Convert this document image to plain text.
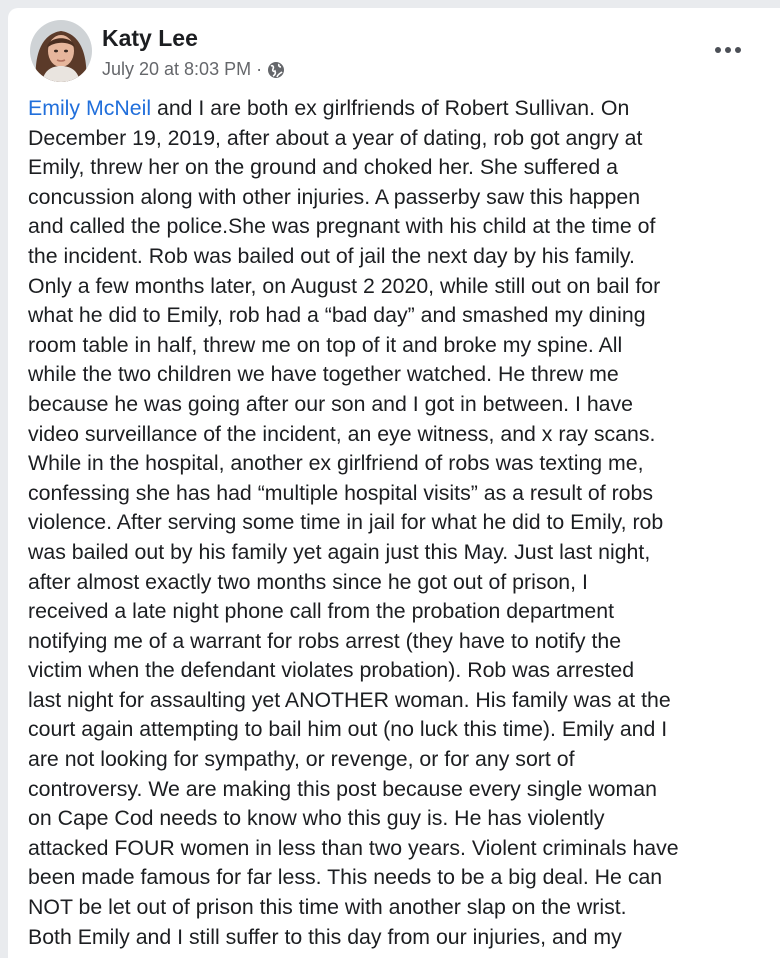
Katy Lee
July 20 at 8:03 PM ·
Emily McNeil and I are both ex girlfriends of Robert Sullivan. On
December 19, 2019, after about a year of dating, rob got angry at
Emily, threw her on the ground and choked her. She suffered a
concussion along with other injuries. A passerby saw this happen
and called the police.She was pregnant with his child at the time of
the incident. Rob was bailed out of jail the next day by his family.
Only a few months later, on August 2 2020, while still out on bail for
what he did to Emily, rob had a “bad day” and smashed my dining
room table in half, threw me on top of it and broke my spine. All
while the two children we have together watched. He threw me
because he was going after our son and I got in between. I have
video surveillance of the incident, an eye witness, and x ray scans.
While in the hospital, another ex girlfriend of robs was texting me,
confessing she has had “multiple hospital visits” as a result of robs
violence. After serving some time in jail for what he did to Emily, rob
was bailed out by his family yet again just this May. Just last night,
after almost exactly two months since he got out of prison, I
received a late night phone call from the probation department
notifying me of a warrant for robs arrest (they have to notify the
victim when the defendant violates probation). Rob was arrested
last night for assaulting yet ANOTHER woman. His family was at the
court again attempting to bail him out (no luck this time). Emily and I
are not looking for sympathy, or revenge, or for any sort of
controversy. We are making this post because every single woman
on Cape Cod needs to know who this guy is. He has violently
attacked FOUR women in less than two years. Violent criminals have
been made famous for far less. This needs to be a big deal. He can
NOT be let out of prison this time with another slap on the wrist.
Both Emily and I still suffer to this day from our injuries, and my
